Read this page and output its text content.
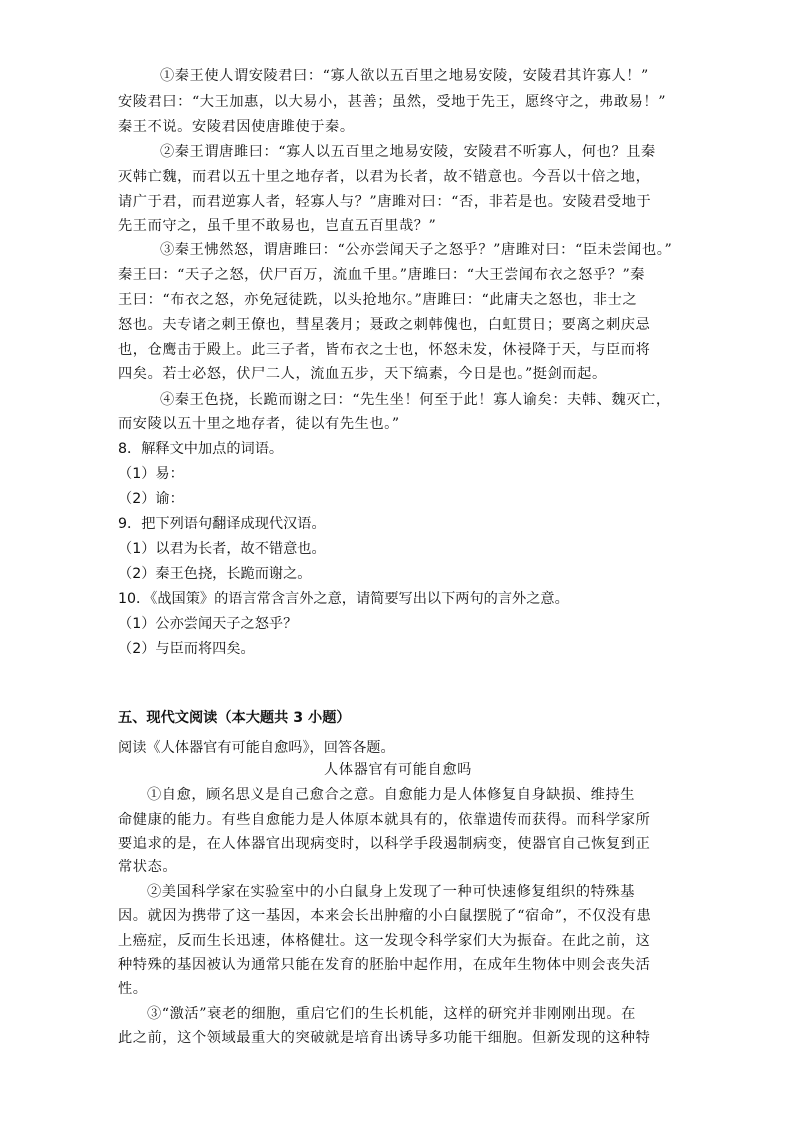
①秦王使人谓安陵君曰：“寡人欲以五百里之地易安陵，安陵君其许寡人！”
安陵君曰：“大王加惠，以大易小，甚善；虽然，受地于先王，愿终守之，弗敢易！”
秦王不说。安陵君因使唐雎使于秦。
②秦王谓唐雎曰：“寡人以五百里之地易安陵，安陵君不听寡人，何也？且秦
灭韩亡魏，而君以五十里之地存者，以君为长者，故不错意也。今吾以十倍之地，
请广于君，而君逆寡人者，轻寡人与？”唐雎对曰：“否，非若是也。安陵君受地于
先王而守之，虽千里不敢易也，岂直五百里哉？”
③秦王怫然怒，谓唐雎曰：“公亦尝闻天子之怒乎？”唐雎对曰：“臣未尝闻也。”
秦王曰：“天子之怒，伏尸百万，流血千里。”唐雎曰：“大王尝闻布衣之怒乎？”秦
王曰：“布衣之怒，亦免冠徒跣，以头抢地尔。”唐雎曰：“此庸夫之怒也，非士之
怒也。夫专诸之刺王僚也，彗星袭月；聂政之刺韩傀也，白虹贯日；要离之刺庆忌
也，仓鹰击于殿上。此三子者，皆布衣之士也，怀怒未发，休祲降于天，与臣而将
四矣。若士必怒，伏尸二人，流血五步，天下缟素，今日是也。”挺剑而起。
④秦王色挠，长跪而谢之曰：“先生坐！何至于此！寡人谕矣：夫韩、魏灭亡，
而安陵以五十里之地存者，徒以有先生也。”
8．解释文中加点的词语。
（1）易：
（2）谕：
9．把下列语句翻译成现代汉语。
（1）以君为长者，故不错意也。
（2）秦王色挠，长跪而谢之。
10．《战国策》的语言常含言外之意，请简要写出以下两句的言外之意。
（1）公亦尝闻天子之怒乎？
（2）与臣而将四矣。
五、现代文阅读（本大题共 3 小题）
阅读《人体器官有可能自愈吗》，回答各题。
人体器官有可能自愈吗
①自愈，顾名思义是自己愈合之意。自愈能力是人体修复自身缺损、维持生
命健康的能力。有些自愈能力是人体原本就具有的，依靠遗传而获得。而科学家所
要追求的是，在人体器官出现病变时，以科学手段遏制病变，使器官自己恢复到正
常状态。
②美国科学家在实验室中的小白鼠身上发现了一种可快速修复组织的特殊基
因。就因为携带了这一基因，本来会长出肿瘤的小白鼠摆脱了“宿命”，不仅没有患
上癌症，反而生长迅速，体格健壮。这一发现令科学家们大为振奋。在此之前，这
种特殊的基因被认为通常只能在发育的胚胎中起作用，在成年生物体中则会丧失活
性。
③“激活”衰老的细胞，重启它们的生长机能，这样的研究并非刚刚出现。在
此之前，这个领域最重大的突破就是培育出诱导多功能干细胞。但新发现的这种特
